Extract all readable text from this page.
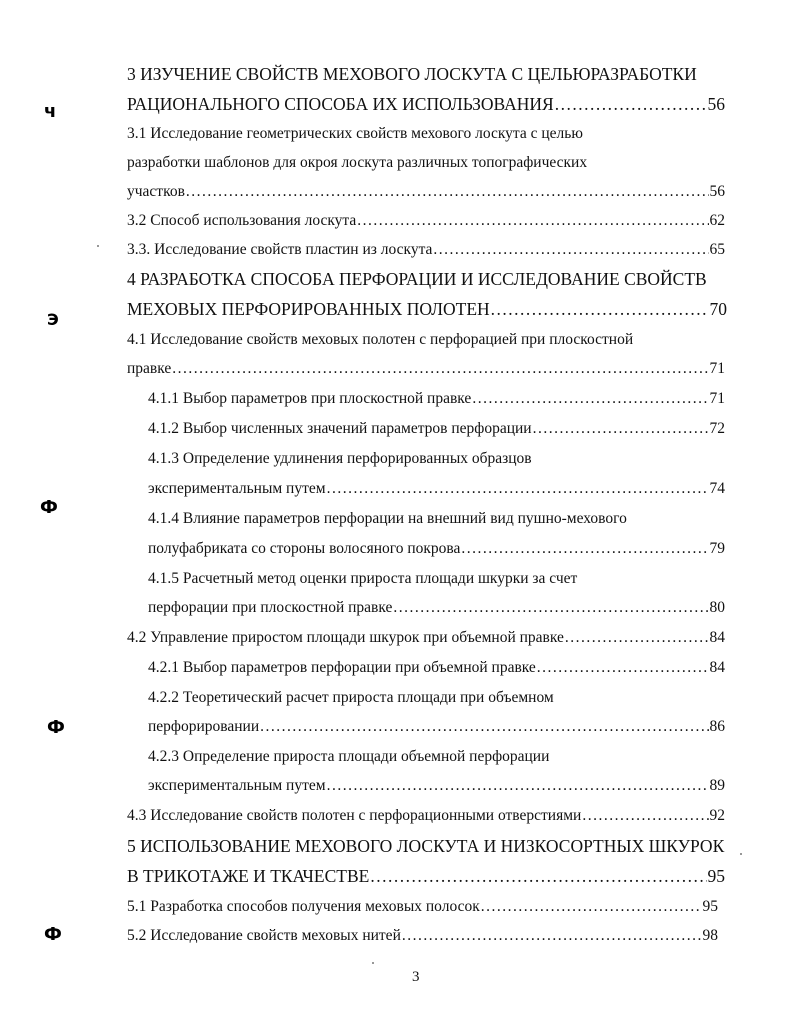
ч
Э
Ф
Ф
Ф
3 ИЗУЧЕНИЕ СВОЙСТВ МЕХОВОГО ЛОСКУТА С ЦЕЛЬЮРАЗРАБОТКИ
РАЦИОНАЛЬНОГО СПОСОБА ИХ ИСПОЛЬЗОВАНИЯ .....	56
3.1 Исследование геометрических свойств мехового лоскута с целью
разработки шаблонов для окроя лоскута различных топографических
участков .....	56
3.2 Способ использования лоскута .....	62
3.3. Исследование свойств пластин из лоскута .....	65
4 РАЗРАБОТКА СПОСОБА ПЕРФОРАЦИИ И ИССЛЕДОВАНИЕ СВОЙСТВ
МЕХОВЫХ ПЕРФОРИРОВАННЫХ ПОЛОТЕН .....	70
4.1 Исследование свойств меховых полотен с перфорацией при плоскостной
правке .....	71
4.1.1 Выбор параметров при плоскостной правке .....	71
4.1.2 Выбор численных значений параметров перфорации .....	72
4.1.3 Определение удлинения перфорированных образцов
экспериментальным путем .....	74
4.1.4 Влияние параметров перфорации на внешний вид пушно-мехового
полуфабриката со стороны волосяного покрова .....	79
4.1.5 Расчетный метод оценки прироста площади шкурки за счет
перфорации при плоскостной правке .....	80
4.2 Управление приростом площади шкурок при объемной правке .....	84
4.2.1 Выбор параметров перфорации при объемной правке .....	84
4.2.2 Теоретический расчет прироста площади при объемном
перфорировании .....	86
4.2.3 Определение прироста площади объемной перфорации
экспериментальным путем .....	89
4.3 Исследование свойств полотен с перфорационными отверстиями .....	92
5 ИСПОЛЬЗОВАНИЕ МЕХОВОГО ЛОСКУТА И НИЗКОСОРТНЫХ ШКУРОК
В ТРИКОТАЖЕ И ТКАЧЕСТВЕ .....	95
5.1 Разработка способов получения меховых полосок .....	95
5.2 Исследование свойств меховых нитей .....	98
3
